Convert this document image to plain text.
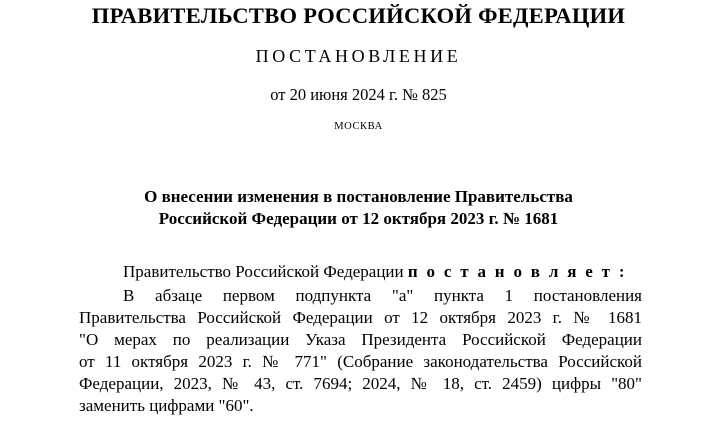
ПРАВИТЕЛЬСТВО РОССИЙСКОЙ ФЕДЕРАЦИИ
ПОСТАНОВЛЕНИЕ
от 20 июня 2024 г. № 825
МОСКВА
О внесении изменения в постановление Правительства
Российской Федерации от 12 октября 2023 г. № 1681
Правительство Российской Федерации п о с т а н о в л я е т :
В абзаце первом подпункта "а" пункта 1 постановления
Правительства Российской Федерации от 12 октября 2023 г. № 1681
"О мерах по реализации Указа Президента Российской Федерации
от 11 октября 2023 г. № 771" (Собрание законодательства Российской
Федерации, 2023, № 43, ст. 7694; 2024, № 18, ст. 2459) цифры "80"
заменить цифрами "60".
